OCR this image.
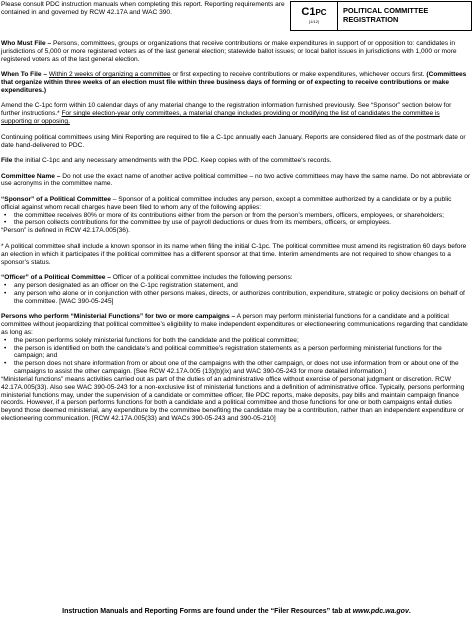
Please consult PDC instruction manuals when completing this report. Reporting requirements are contained in and governed by RCW 42.17A and WAC 390.	C1PC
(1/12)
POLITICAL COMMITTEE
REGISTRATION

Who Must File – Persons, committees, groups or organizations that receive contributions or make expenditures in support of or opposition to: candidates in jurisdictions of 5,000 or more registered voters as of the last general election; statewide ballot issues; or local ballot issues in jurisdictions with 1,000 or more registered voters as of the last general election.

When To File – Within 2 weeks of organizing a committee or first expecting to receive contributions or make expenditures, whichever occurs first. (Committees that organize within three weeks of an election must file within three business days of forming or of expecting to receive contributions or make expenditures.)

Amend the C-1pc form within 10 calendar days of any material change to the registration information furnished previously. See “Sponsor” section below for further instructions.* For single election-year only committees, a material change includes providing or modifying the list of candidates the committee is supporting or opposing.

Continuing political committees using Mini Reporting are required to file a C-1pc annually each January. Reports are considered filed as of the postmark date or date hand-delivered to PDC.

File the initial C-1pc and any necessary amendments with the PDC. Keep copies with of the committee’s records.

Committee Name – Do not use the exact name of another active political committee – no two active committees may have the same name. Do not abbreviate or use acronyms in the committee name.

“Sponsor” of a Political Committee – Sponsor of a political committee includes any person, except a committee authorized by a candidate or by a public official against whom recall charges have been filed to whom any of the following applies:

• the committee receives 80% or more of its contributions either from the person or from the person’s members, officers, employees, or shareholders;
• the person collects contributions for the committee by use of payroll deductions or dues from its members, officers, or employees.

“Person” is defined in RCW 42.17A.005(36).

* A political committee shall include a known sponsor in its name when filing the initial C-1pc. The political committee must amend its registration 60 days before an election in which it participates if the political committee has a different sponsor at that time. Interim amendments are not required to show changes to a sponsor’s status.

“Officer” of a Political Committee – Officer of a political committee includes the following persons:

• any person designated as an officer on the C-1pc registration statement, and
• any person who alone or in conjunction with other persons makes, directs, or authorizes contribution, expenditure, strategic or policy decisions on behalf of the committee. [WAC 390-05-245]

Persons who perform “Ministerial Functions” for two or more campaigns – A person may perform ministerial functions for a candidate and a political committee without jeopardizing that political committee’s eligibility to make independent expenditures or electioneering communications regarding that candidate as long as:

• the person performs solely ministerial functions for both the candidate and the political committee;
• the person is identified on both the candidate’s and political committee’s registration statements as a person performing ministerial functions for the campaign; and
• the person does not share information from or about one of the campaigns with the other campaign, or does not use information from or about one of the campaigns to assist the other campaign. [See RCW 42.17A.005 (13)(b)(ix) and WAC 390-05-243 for more detailed information.]

“Ministerial functions” means activities carried out as part of the duties of an administrative office without exercise of personal judgment or discretion. RCW 42.17A.005(33). Also see WAC 390-05-243 for a non-exclusive list of ministerial functions and a definition of administrative office. Typically, persons performing ministerial functions may, under the supervision of a candidate or committee officer, file PDC reports, make deposits, pay bills and maintain campaign finance records. However, if a person performs functions for both a candidate and a political committee and those functions for one or both campaigns entail duties beyond those deemed ministerial, any expenditure by the committee benefiting the candidate may be a contribution, rather than an independent expenditure or electioneering communication. [RCW 42.17A.005(33) and WACs 390-05-243 and 390-05-210]

Instruction Manuals and Reporting Forms are found under the “Filer Resources” tab at www.pdc.wa.gov.
